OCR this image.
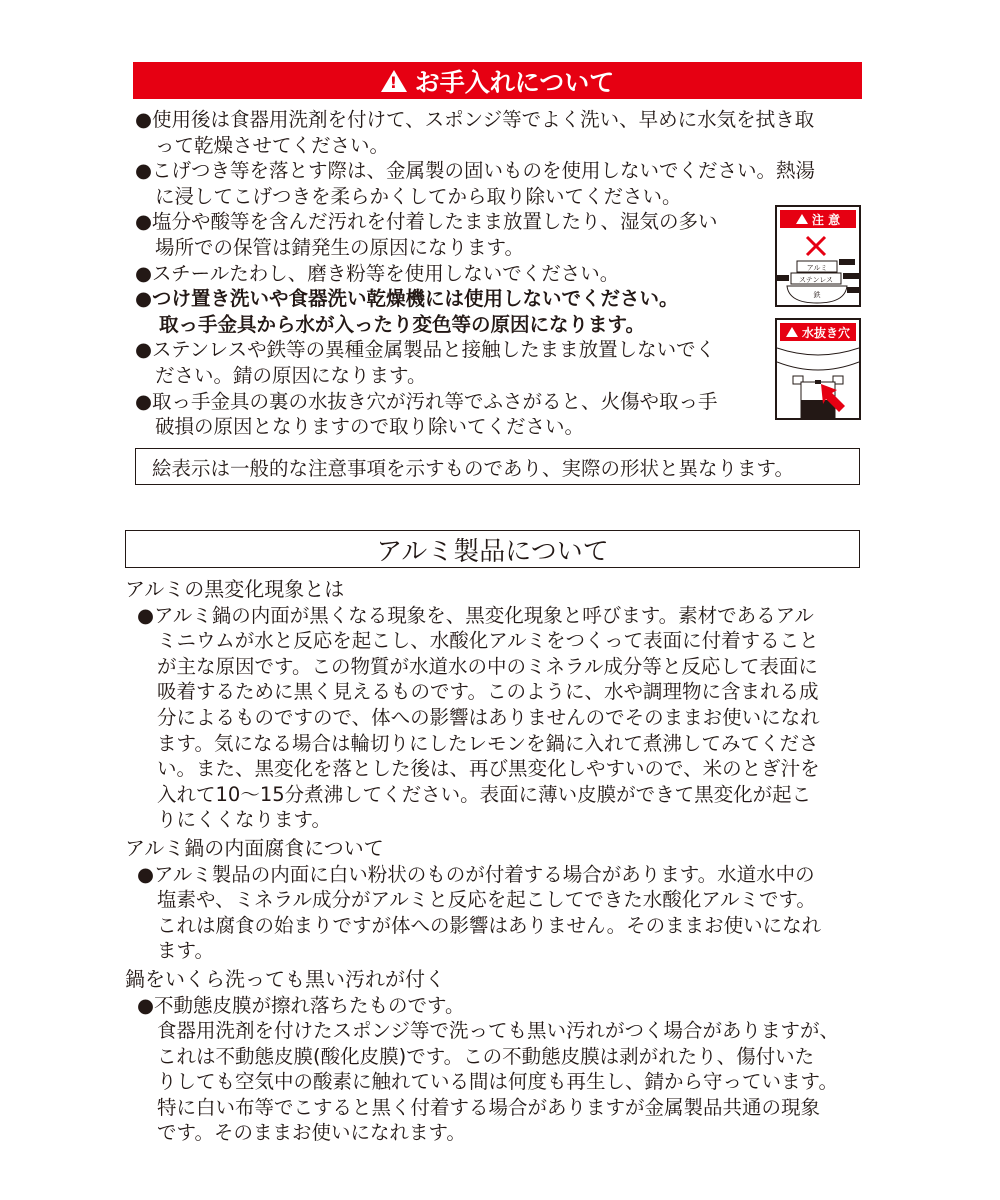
!
お手入れについて
●使用後は食器用洗剤を付けて、スポンジ等でよく洗い、早めに水気を拭き取
って乾燥させてください。
●こげつき等を落とす際は、金属製の固いものを使用しないでください。熱湯
に浸してこげつきを柔らかくしてから取り除いてください。
●塩分や酸等を含んだ汚れを付着したまま放置したり、湿気の多い
場所での保管は錆発生の原因になります。
●スチールたわし、磨き粉等を使用しないでください。
●つけ置き洗いや食器洗い乾燥機には使用しないでください。
取っ手金具から水が入ったり変色等の原因になります。
●ステンレスや鉄等の異種金属製品と接触したまま放置しないでく
ださい。錆の原因になります。
●取っ手金具の裏の水抜き穴が汚れ等でふさがると、火傷や取っ手
破損の原因となりますので取り除いてください。
注 意
アルミ
ステンレス
鉄
水抜き穴
絵表示は一般的な注意事項を示すものであり、実際の形状と異なります。
アルミ製品について
アルミの黒変化現象とは
●アルミ鍋の内面が黒くなる現象を、黒変化現象と呼びます。素材であるアル
ミニウムが水と反応を起こし、水酸化アルミをつくって表面に付着すること
が主な原因です。この物質が水道水の中のミネラル成分等と反応して表面に
吸着するために黒く見えるものです。このように、水や調理物に含まれる成
分によるものですので、体への影響はありませんのでそのままお使いになれ
ます。気になる場合は輪切りにしたレモンを鍋に入れて煮沸してみてくださ
い。また、黒変化を落とした後は、再び黒変化しやすいので、米のとぎ汁を
入れて10～15分煮沸してください。表面に薄い皮膜ができて黒変化が起こ
りにくくなります。
アルミ鍋の内面腐食について
●アルミ製品の内面に白い粉状のものが付着する場合があります。水道水中の
塩素や、ミネラル成分がアルミと反応を起こしてできた水酸化アルミです。
これは腐食の始まりですが体への影響はありません。そのままお使いになれ
ます。
鍋をいくら洗っても黒い汚れが付く
●不動態皮膜が擦れ落ちたものです。
食器用洗剤を付けたスポンジ等で洗っても黒い汚れがつく場合がありますが、
これは不動態皮膜(酸化皮膜)です。この不動態皮膜は剥がれたり、傷付いた
りしても空気中の酸素に触れている間は何度も再生し、錆から守っています。
特に白い布等でこすると黒く付着する場合がありますが金属製品共通の現象
です。そのままお使いになれます。
